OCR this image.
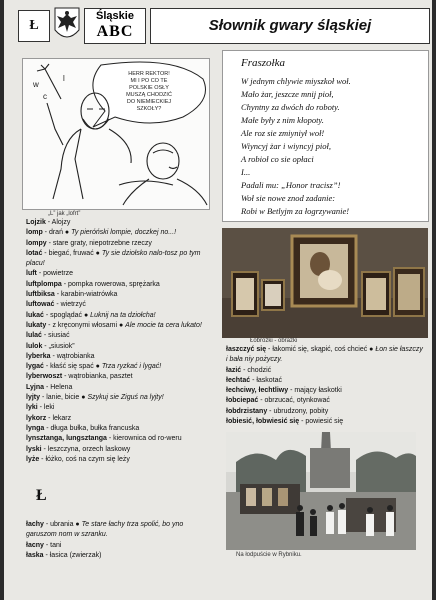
Ł
Śląskie
ABC	Słownik gwary śląskiej
HERR REKTOR!
MI I PO CO TE
POLSKIE OSŁY
MUSZĄ CHODZIĆ
DO NIEMIECKIEJ
SZKOŁY?
w
l
c
„L” jak „lofrt”
Fraszołka
W jednym chlywie miyszkoł woł.
Mało żar, jeszcze mnij pioł,
Chyntny za dwóch do roboty.
Małe były z nim kłopoty.
Ale roz sie zmiyniył woł!
Wiyncyj żar i wiyncyj pioł,
A robioł co sie opłaci
I...
Padali mu: „Honor tracisz”!
Woł sie nowe znod zadanie:
Robi w Betlyjm za łogrzywanie!
Lojzik - Alojzy
lomp - drań ● Ty pieróński lompie, doczkej no...!
lompy - stare graty, niepotrzebne rzeczy
lotać - biegać, fruwać ● Ty sie dziołsko nalo-tosz po tym placu!
luft - powietrze
luftplompa - pompka rowerowa, sprężarka
luftbiksa - karabin-wiatrówka
luftować - wietrzyć
lukać - spoglądać ● Luknij na ta dziołcha!
lukaty - z kręconymi włosami ● Ale mocie ta cera lukato!
lulać - siusiać
lulok - „siusiok”
lyberka - wątrobianka
lygać - kłaść się spać ● Trza ryzkać i lygać!
lyberwoszt - wątrobianka, pasztet
Lyjna - Helena
lyjty - lanie, bicie ● Szykuj sie Ziguś na lyjty!
lyki - leki
lykorz - lekarz
lynga - długa bułka, bułka francuska
lynsztanga, lungsztanga - kierownica od ro-weru
lyski - leszczyna, orzech laskowy
lyże - łóżko, coś na czym się leży
Ł
łachy - ubrania ● Te stare łachy trza spolić, bo yno garuszom nom w szranku.
łacny - tani
łaska - łasica (zwierzak)
Łobrozki - obrazki
łaszczyć się - łakomić się, skąpić, coś chcieć ● Łon sie łaszczy i bała niy pożyczy.
łazić - chodzić
łechtać - łaskotać
łechciwy, łechtliwy - mający łaskotki
łobciepać - obrzucać, otynkować
łobdrzistany - ubrudzony, pobity
łobiesić, łobwiesić się - powiesić się
Na łodpuście w Rybniku.
